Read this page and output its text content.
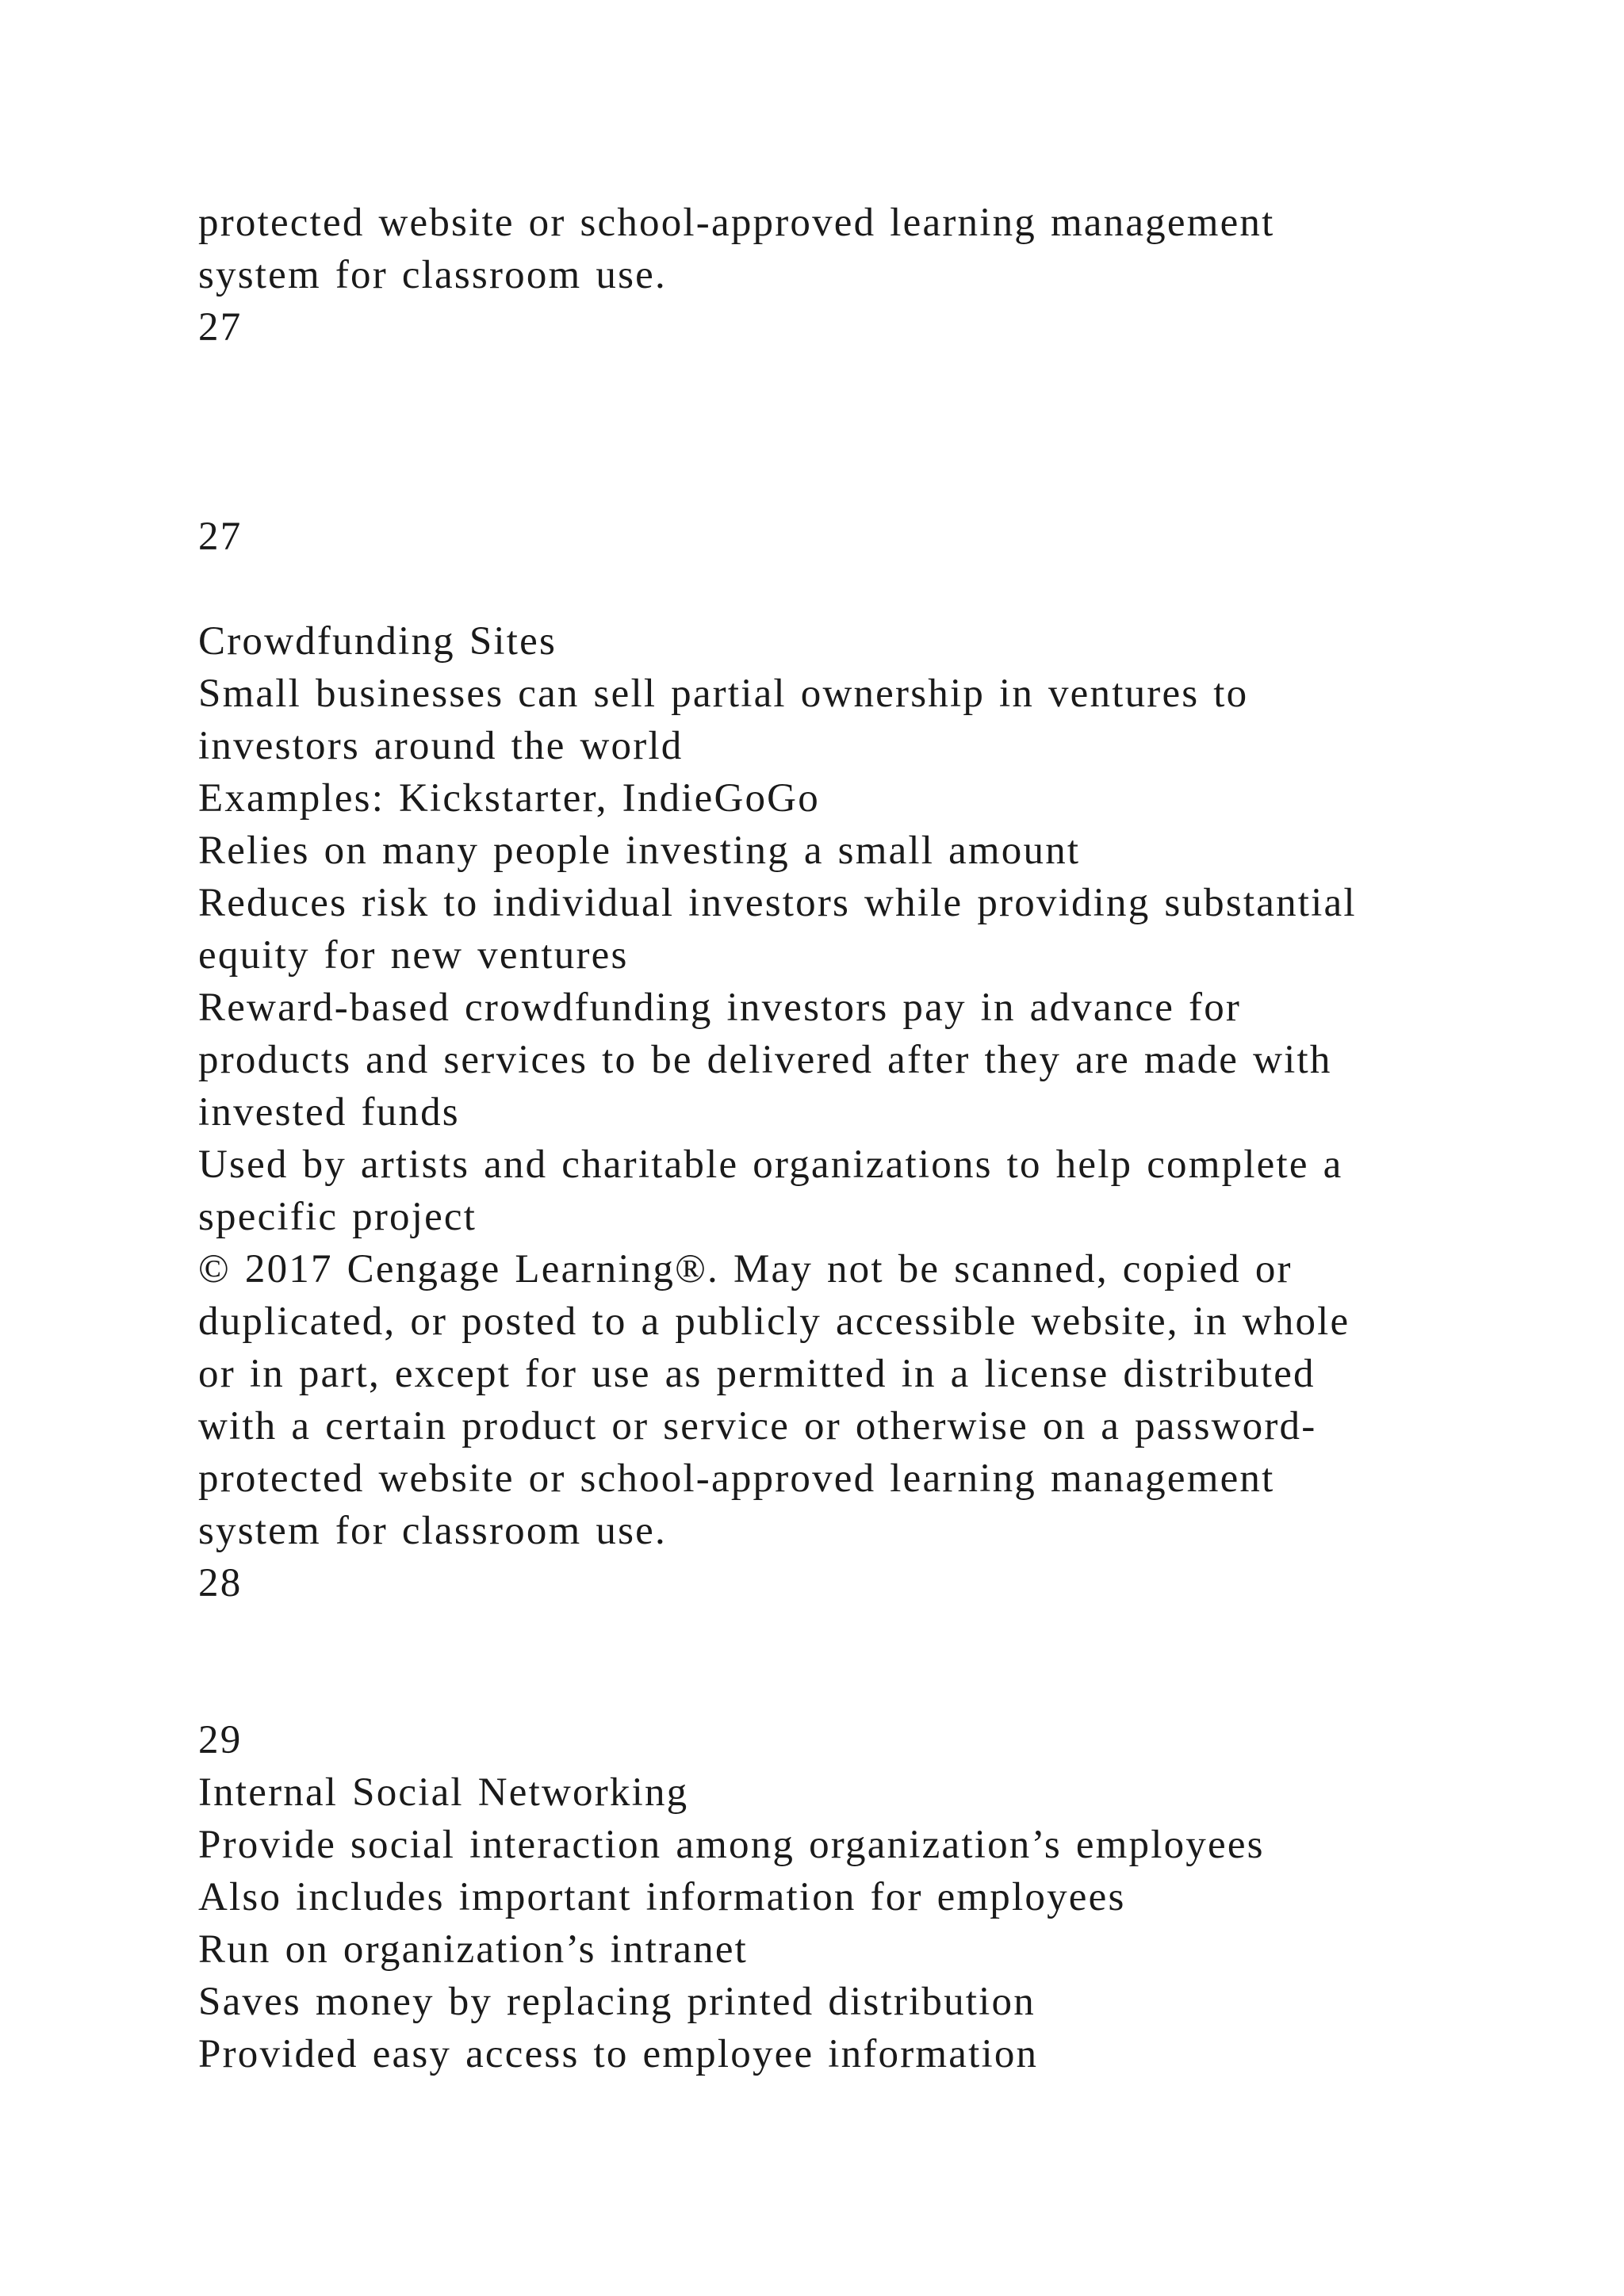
protected website or school-approved learning management
system for classroom use.
27
27
Crowdfunding Sites
Small businesses can sell partial ownership in ventures to
investors around the world
Examples: Kickstarter, IndieGoGo
Relies on many people investing a small amount
Reduces risk to individual investors while providing substantial
equity for new ventures
Reward-based crowdfunding investors pay in advance for
products and services to be delivered after they are made with
invested funds
Used by artists and charitable organizations to help complete a
specific project
© 2017 Cengage Learning®. May not be scanned, copied or
duplicated, or posted to a publicly accessible website, in whole
or in part, except for use as permitted in a license distributed
with a certain product or service or otherwise on a password-
protected website or school-approved learning management
system for classroom use.
28
29
Internal Social Networking
Provide social interaction among organization’s employees
Also includes important information for employees
Run on organization’s intranet
Saves money by replacing printed distribution
Provided easy access to employee information
